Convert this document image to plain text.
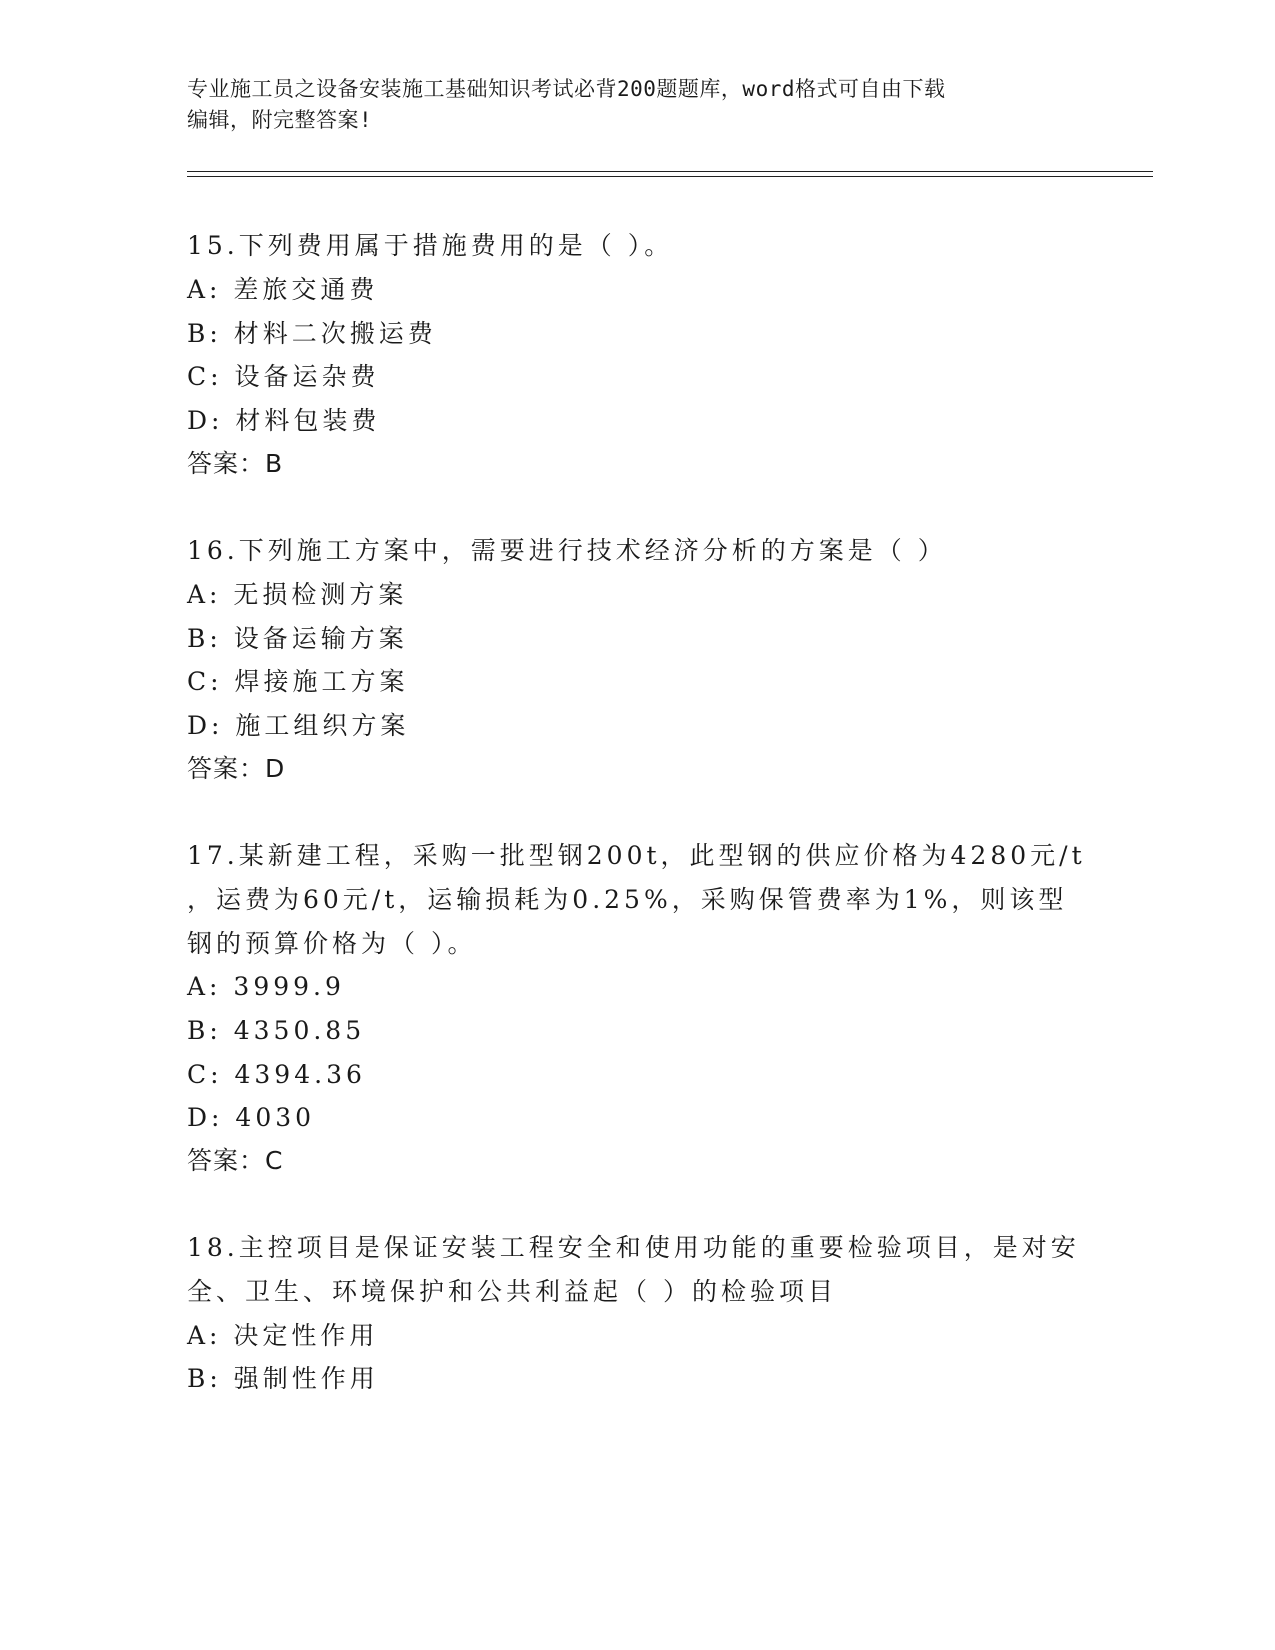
专业施工员之设备安装施工基础知识考试必背200题题库，word格式可自由下载
编辑，附完整答案!
15.下列费用属于措施费用的是（ ）。
A: 差旅交通费
B: 材料二次搬运费
C: 设备运杂费
D: 材料包装费
答案：B
16.下列施工方案中，需要进行技术经济分析的方案是（ ）
A: 无损检测方案
B: 设备运输方案
C: 焊接施工方案
D: 施工组织方案
答案：D
17.某新建工程，采购一批型钢200t，此型钢的供应价格为4280元/t
，运费为60元/t，运输损耗为0.25%，采购保管费率为1%，则该型
钢的预算价格为（ ）。
A: 3999.9
B: 4350.85
C: 4394.36
D: 4030
答案：C
18.主控项目是保证安装工程安全和使用功能的重要检验项目，是对安
全、卫生、环境保护和公共利益起（ ）的检验项目
A: 决定性作用
B: 强制性作用
